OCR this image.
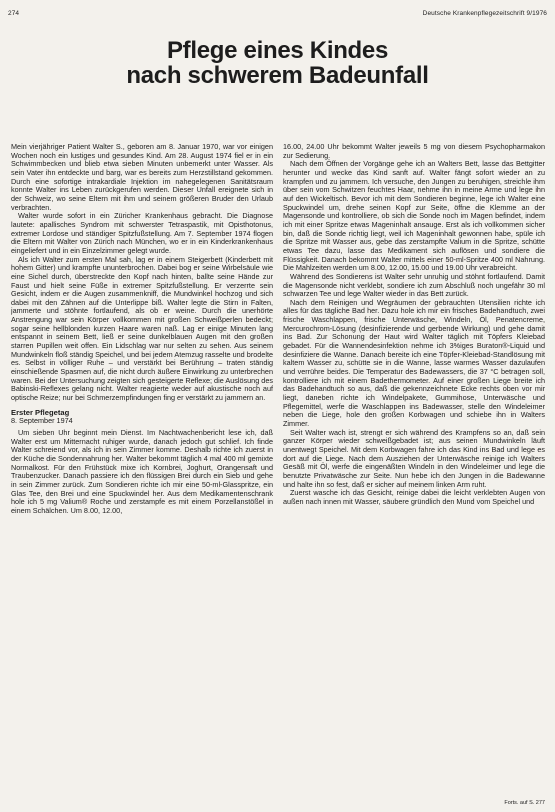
274	Deutsche Krankenpflegezeitschrift 9/1976
Pflege eines Kindes
nach schwerem Badeunfall

Mein vierjähriger Patient Walter S., geboren am 8. Januar 1970, war vor einigen Wochen noch ein lustiges und gesundes Kind. Am 28. August 1974 fiel er in ein Schwimmbecken und blieb etwa sieben Minuten unbemerkt unter Wasser. Als sein Vater ihn entdeckte und barg, war es bereits zum Herzstillstand gekommen. Durch eine sofortige intrakardiale Injektion im nahegelegenen Sanitätsraum konnte Walter ins Leben zurückgerufen werden. Dieser Unfall ereignete sich in der Schweiz, wo seine Eltern mit ihm und seinem größeren Bruder den Urlaub verbrachten.

Walter wurde sofort in ein Züricher Krankenhaus gebracht. Die Diagnose lautete: apallisches Syndrom mit schwerster Tetraspastik, mit Opisthotonus, extremer Lordose und ständiger Spitzfußstellung. Am 7. September 1974 flogen die Eltern mit Walter von Zürich nach München, wo er in ein Kinderkrankenhaus eingeliefert und in ein Einzelzimmer gelegt wurde.

Als ich Walter zum ersten Mal sah, lag er in einem Steigerbett (Kinderbett mit hohem Gitter) und krampfte ununterbrochen. Dabei bog er seine Wirbelsäule wie eine Sichel durch, überstreckte den Kopf nach hinten, ballte seine Hände zur Faust und hielt seine Füße in extremer Spitzfußstellung. Er verzerrte sein Gesicht, indem er die Augen zusammenkniff, die Mundwinkel hochzog und sich dabei mit den Zähnen auf die Unterlippe biß. Walter legte die Stirn in Falten, jammerte und stöhnte fortlaufend, als ob er weine. Durch die unerhörte Anstrengung war sein Körper vollkommen mit großen Schweißperlen bedeckt; sogar seine hellblonden kurzen Haare waren naß. Lag er einige Minuten lang entspannt in seinem Bett, ließ er seine dunkelblauen Augen mit den großen starren Pupillen weit offen. Ein Lidschlag war nur selten zu sehen. Aus seinem Mundwinkeln floß ständig Speichel, und bei jedem Atemzug rasselte und brodelte es. Selbst in völliger Ruhe – und verstärkt bei Berührung – traten ständig einschießende Spasmen auf, die nicht durch äußere Einwirkung zu unterbrechen waren. Bei der Untersuchung zeigten sich gesteigerte Reflexe; die Auslösung des Babinski-Reflexes gelang nicht. Walter reagierte weder auf akustische noch auf optische Reize; nur bei Schmerzempfindungen fing er verstärkt zu jammern an.

Erster Pflegetag
8. September 1974

Um sieben Uhr beginnt mein Dienst. Im Nachtwachenbericht lese ich, daß Walter erst um Mitternacht ruhiger wurde, danach jedoch gut schlief. Ich finde Walter schreiend vor, als ich in sein Zimmer komme. Deshalb richte ich zuerst in der Küche die Sondennahrung her. Walter bekommt täglich 4 mal 400 ml gemixte Normalkost. Für den Frühstück mixe ich Kornbrei, Joghurt, Orangensaft und Traubenzucker. Danach passiere ich den flüssigen Brei durch ein Sieb und gehe in sein Zimmer zurück. Zum Sondieren richte ich mir eine 50-ml-Glasspritze, ein Glas Tee, den Brei und eine Spuckwindel her. Aus dem Medikamentenschrank hole ich 5 mg Valium® Roche und zerstampfe es mit einem Porzellanstößel in einem Schälchen. Um 8.00, 12.00,

16.00, 24.00 Uhr bekommt Walter jeweils 5 mg von diesem Psychopharmakon zur Sedierung.

Nach dem Öffnen der Vorgänge gehe ich an Walters Bett, lasse das Bettgitter herunter und wecke das Kind sanft auf. Walter fängt sofort wieder an zu krampfen und zu jammern. Ich versuche, den Jungen zu beruhigen, streichle ihm über sein vom Schwitzen feuchtes Haar, nehme ihn in meine Arme und lege ihn auf den Wickeltisch. Bevor ich mit dem Sondieren beginne, lege ich Walter eine Spuckwindel um, drehe seinen Kopf zur Seite, öffne die Klemme an der Magensonde und kontrolliere, ob sich die Sonde noch im Magen befindet, indem ich mit einer Spritze etwas Mageninhalt ansauge. Erst als ich vollkommen sicher bin, daß die Sonde richtig liegt, weil ich Mageninhalt gewonnen habe, spüle ich die Spritze mit Wasser aus, gebe das zerstampfte Valium in die Spritze, schütte etwas Tee dazu, lasse das Medikament sich auflösen und sondiere die Flüssigkeit. Danach bekommt Walter mittels einer 50-ml-Spritze 400 ml Nahrung. Die Mahlzeiten werden um 8.00, 12.00, 15.00 und 19.00 Uhr verabreicht.

Während des Sondierens ist Walter sehr unruhig und stöhnt fortlaufend. Damit die Magensonde nicht verklebt, sondiere ich zum Abschluß noch ungefähr 30 ml schwarzen Tee und lege Walter wieder in das Bett zurück.

Nach dem Reinigen und Wegräumen der gebrauchten Utensilien richte ich alles für das tägliche Bad her. Dazu hole ich mir ein frisches Badehandtuch, zwei frische Waschlappen, frische Unterwäsche, Windeln, Öl, Penatencreme, Mercurochrom-Lösung (desinfizierende und gerbende Wirkung) und gehe damit ins Bad. Zur Schonung der Haut wird Walter täglich mit Töpfers Kleiebad gebadet. Für die Wannendesinfektion nehme ich 3%iges Buraton®-Liquid und desinfiziere die Wanne. Danach bereite ich eine Töpfer-Kleiebad-Standlösung mit kaltem Wasser zu, schütte sie in die Wanne, lasse warmes Wasser dazulaufen und verrühre beides. Die Temperatur des Badewassers, die 37 °C betragen soll, kontrolliere ich mit einem Badethermometer. Auf einer großen Liege breite ich das Badehandtuch so aus, daß die gekennzeichnete Ecke rechts oben vor mir liegt, daneben richte ich Windelpakete, Gummihose, Unterwäsche und Pflegemittel, werfe die Waschlappen ins Badewasser, stelle den Windeleimer neben die Liege, hole den großen Korbwagen und schiebe ihn in Walters Zimmer.

Seit Walter wach ist, strengt er sich während des Krampfens so an, daß sein ganzer Körper wieder schweißgebadet ist; aus seinen Mundwinkeln läuft unentwegt Speichel. Mit dem Korbwagen fahre ich das Kind ins Bad und lege es dort auf die Liege. Nach dem Ausziehen der Unterwäsche reinige ich Walters Gesäß mit Öl, werfe die eingenäßten Windeln in den Windeleimer und lege die benutzte Privatwäsche zur Seite. Nun hebe ich den Jungen in die Badewanne und halte ihn so fest, daß er sicher auf meinem linken Arm ruht.

Zuerst wasche ich das Gesicht, reinige dabei die leicht verklebten Augen von außen nach innen mit Wasser, säubere gründlich den Mund vom Speichel und

Forts. auf S. 277
